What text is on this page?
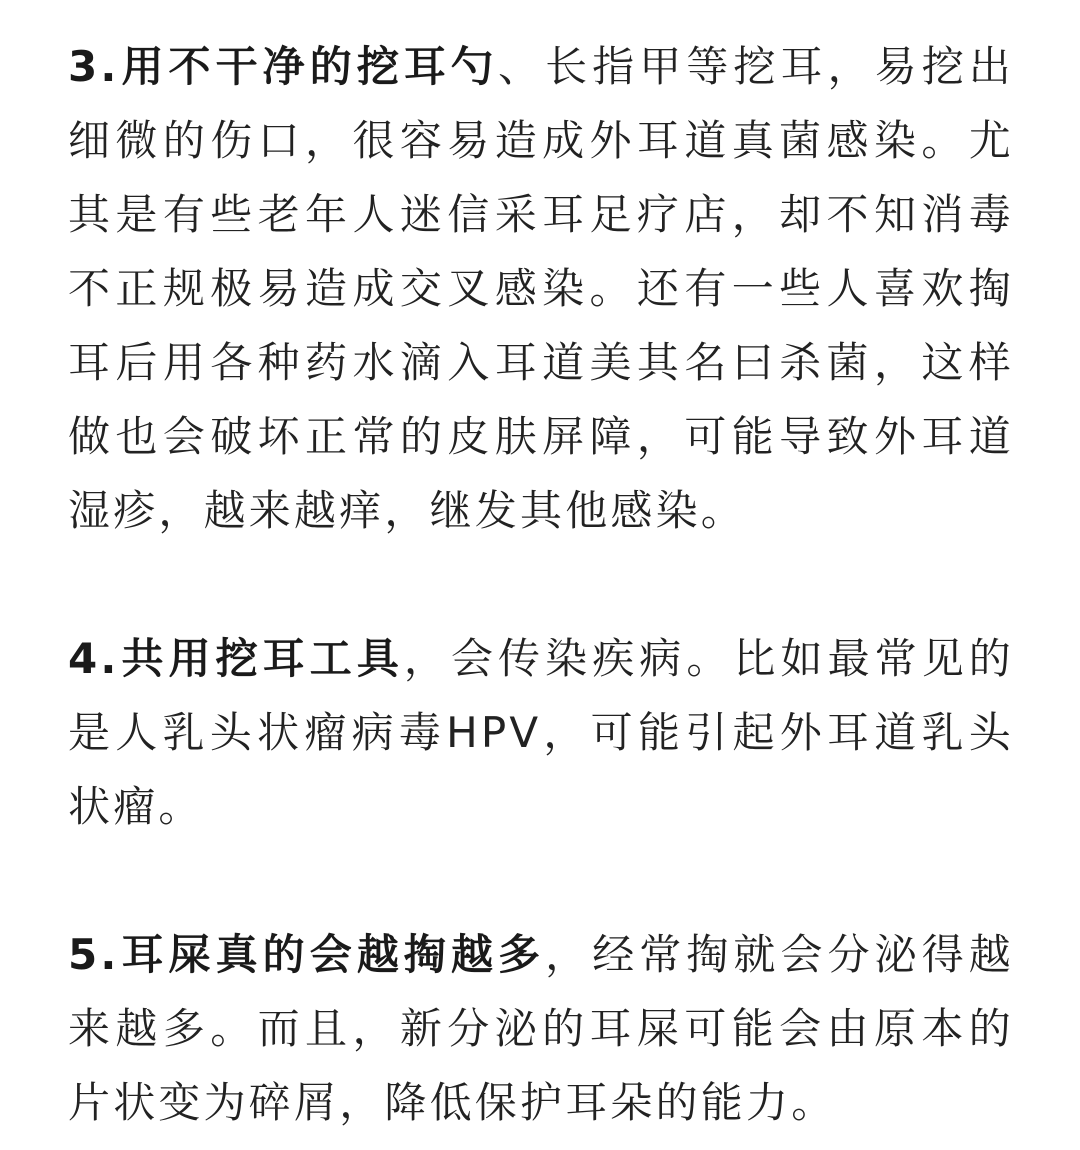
3.用不干净的挖耳勺、长指甲等挖耳，易挖出细微的伤口，很容易造成外耳道真菌感染。尤其是有些老年人迷信采耳足疗店，却不知消毒不正规极易造成交叉感染。还有一些人喜欢掏耳后用各种药水滴入耳道美其名曰杀菌，这样做也会破坏正常的皮肤屏障，可能导致外耳道湿疹，越来越痒，继发其他感染。

4.共用挖耳工具，会传染疾病。比如最常见的是人乳头状瘤病毒HPV，可能引起外耳道乳头状瘤。

5.耳屎真的会越掏越多，经常掏就会分泌得越来越多。而且，新分泌的耳屎可能会由原本的片状变为碎屑，降低保护耳朵的能力。
